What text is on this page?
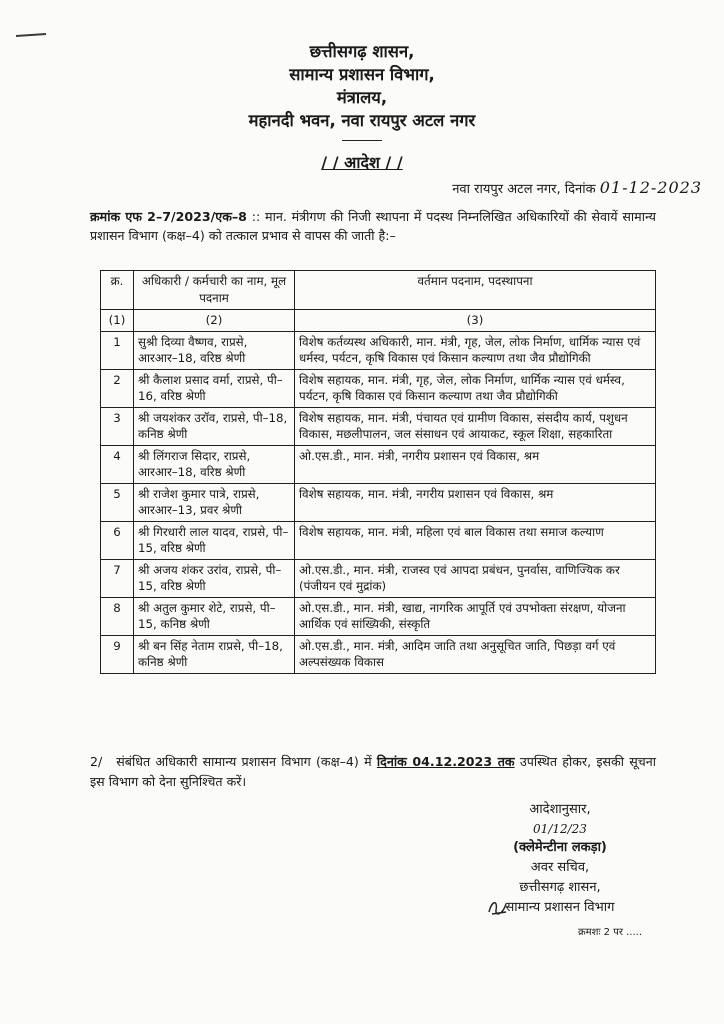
छत्तीसगढ़ शासन,
सामान्य प्रशासन विभाग,
मंत्रालय,
महानदी भवन, नवा रायपुर अटल नगर
/ / आदेश / /
नवा रायपुर अटल नगर, दिनांक 01-12-2023
क्रमांक एफ 2–7/2023/एक–8 :: मान. मंत्रीगण की निजी स्थापना में पदस्थ निम्नलिखित अधिकारियों की सेवायें सामान्य प्रशासन विभाग (कक्ष–4) को तत्काल प्रभाव से वापस की जाती है:–
क्र.	अधिकारी / कर्मचारी का नाम, मूल पदनाम	वर्तमान पदनाम, पदस्थापना
(1)	(2)	(3)
1	सुश्री दिव्या वैष्णव, राप्रसे, आरआर–18, वरिष्ठ श्रेणी	विशेष कर्तव्यस्थ अधिकारी, मान. मंत्री, गृह, जेल, लोक निर्माण, धार्मिक न्यास एवं धर्मस्व, पर्यटन, कृषि विकास एवं किसान कल्याण तथा जैव प्रौद्योगिकी
2	श्री कैलाश प्रसाद वर्मा, राप्रसे, पी–16, वरिष्ठ श्रेणी	विशेष सहायक, मान. मंत्री, गृह, जेल, लोक निर्माण, धार्मिक न्यास एवं धर्मस्व, पर्यटन, कृषि विकास एवं किसान कल्याण तथा जैव प्रौद्योगिकी
3	श्री जयशंकर उरॉव, राप्रसे, पी–18, कनिष्ठ श्रेणी	विशेष सहायक, मान. मंत्री, पंचायत एवं ग्रामीण विकास, संसदीय कार्य, पशुधन विकास, मछलीपालन, जल संसाधन एवं आयाकट, स्कूल शिक्षा, सहकारिता
4	श्री लिंगराज सिदार, राप्रसे, आरआर–18, वरिष्ठ श्रेणी	ओ.एस.डी., मान. मंत्री, नगरीय प्रशासन एवं विकास, श्रम
5	श्री राजेश कुमार पात्रे, राप्रसे, आरआर–13, प्रवर श्रेणी	विशेष सहायक, मान. मंत्री, नगरीय प्रशासन एवं विकास, श्रम
6	श्री गिरधारी लाल यादव, राप्रसे, पी–15, वरिष्ठ श्रेणी	विशेष सहायक, मान. मंत्री, महिला एवं बाल विकास तथा समाज कल्याण
7	श्री अजय शंकर उरांव, राप्रसे, पी–15, वरिष्ठ श्रेणी	ओ.एस.डी., मान. मंत्री, राजस्व एवं आपदा प्रबंधन, पुनर्वास, वाणिज्यिक कर (पंजीयन एवं मुद्रांक)
8	श्री अतुल कुमार शेटे, राप्रसे, पी–15, कनिष्ठ श्रेणी	ओ.एस.डी., मान. मंत्री, खाद्य, नागरिक आपूर्ति एवं उपभोक्ता संरक्षण, योजना आर्थिक एवं सांख्यिकी, संस्कृति
9	श्री बन सिंह नेताम राप्रसे, पी–18, कनिष्ठ श्रेणी	ओ.एस.डी., मान. मंत्री, आदिम जाति तथा अनुसूचित जाति, पिछड़ा वर्ग एवं अल्पसंख्यक विकास
2/ संबंधित अधिकारी सामान्य प्रशासन विभाग (कक्ष–4) में दिनांक 04.12.2023 तक उपस्थित होकर, इसकी सूचना इस विभाग को देना सुनिश्चित करें।
आदेशानुसार,
01/12/23
(क्लेमेन्टीना लकड़ा)
अवर सचिव,
छत्तीसगढ़ शासन,
सामान्य प्रशासन विभाग
क्रमशः 2 पर .....
